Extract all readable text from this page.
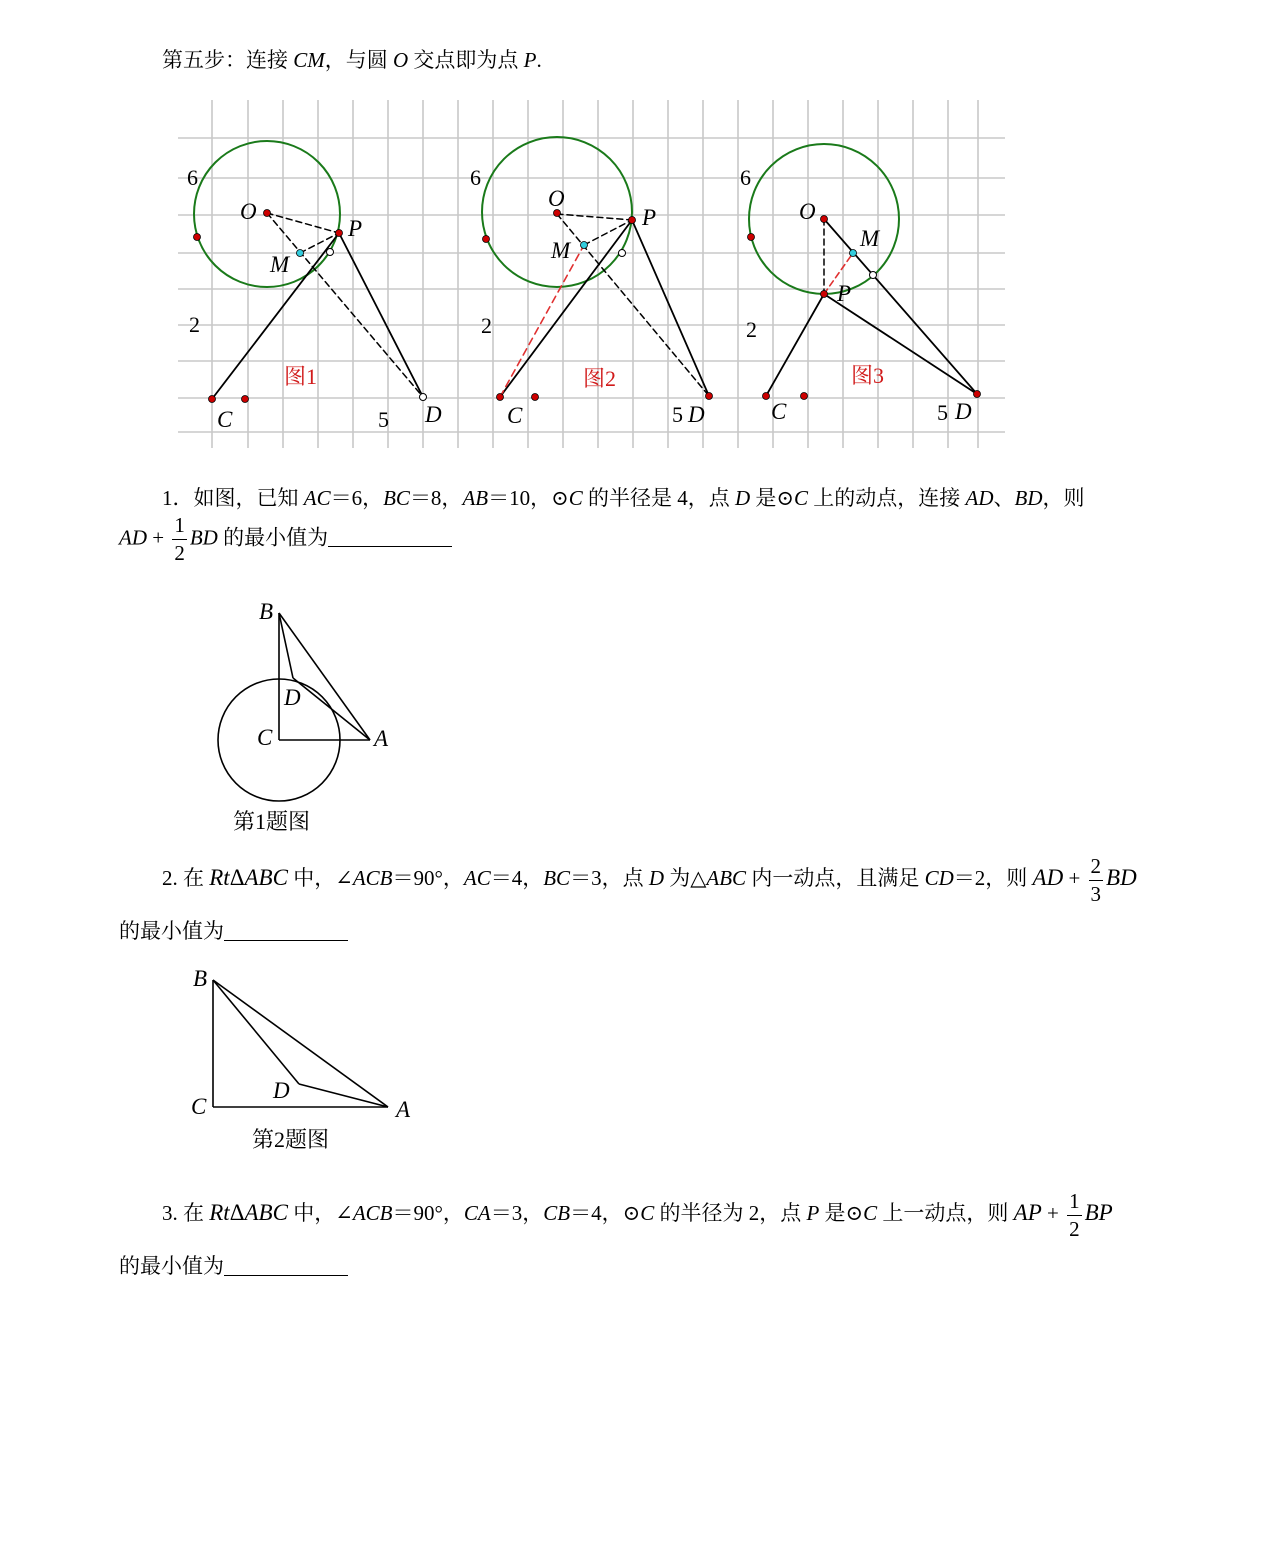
第五步：连接 CM，与圆 O 交点即为点 P.
6
2
5
O
P
M
C	D
图1
6
2
5
O
P
M
C	D
图2
6
2
5
O
P
M
C	D
图3
1．如图，已知 AC＝6，BC＝8，AB＝10，⊙C 的半径是 4，点 D 是⊙C 上的动点，连接 AD、BD，则
AD + $\frac{1}{2}$ BD 的最小值为
B
D
C	A
第1题图
2. 在 RtΔABC 中，∠ACB＝90°，AC＝4，BC＝3，点 D 为△ABC 内一动点，且满足 CD＝2，则 AD + $\frac{2}{3}$ BD
的最小值为
B
D
C	A
第2题图
3. 在 RtΔABC 中，∠ACB＝90°，CA＝3，CB＝4，⊙C 的半径为 2，点 P 是⊙C 上一动点，则 AP + $\frac{1}{2}$ BP
的最小值为
